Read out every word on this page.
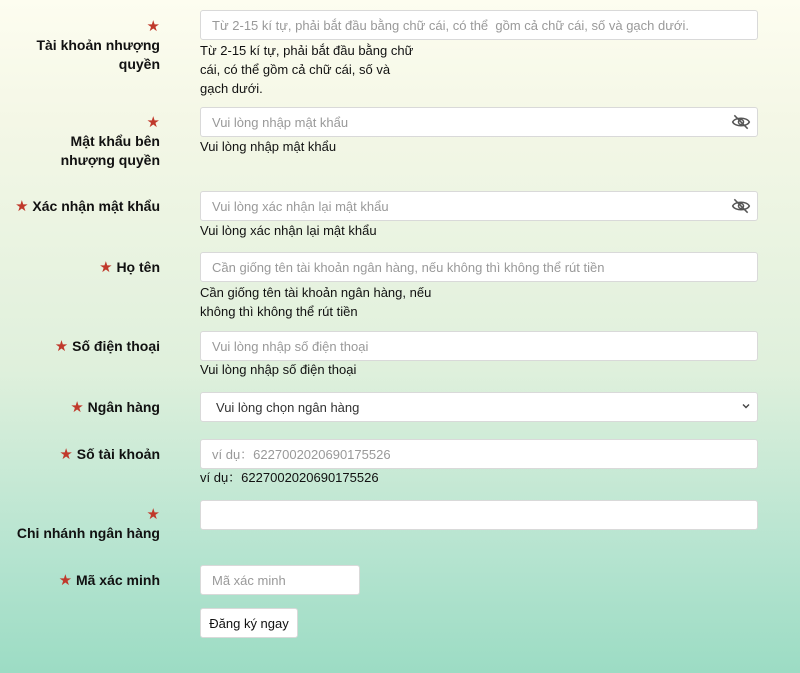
★
Tài khoản nhượng quyền
Từ 2-15 kí tự, phải bắt đầu bằng chữ cái, có thể gồm cả chữ cái, số và gạch dưới.
Từ 2-15 kí tự, phải bắt đầu bằng chữ cái, có thể gồm cả chữ cái, số và gạch dưới.
★
Mật khẩu bên nhượng quyền
Vui lòng nhập mật khẩu
★ Xác nhận mật khẩu
Vui lòng xác nhận lại mật khẩu
★ Họ tên
Cần giống tên tài khoản ngân hàng, nếu không thì không thể rút tiền
Cần giống tên tài khoản ngân hàng, nếu không thì không thể rút tiền
★ Số điện thoại
Vui lòng nhập số điện thoại
Vui lòng nhập số điện thoại
★ Ngân hàng	Vui lòng chọn ngân hàng
★ Số tài khoản
ví dụ：6227002020690175526
ví dụ：6227002020690175526
★
Chi nhánh ngân hàng
★ Mã xác minh
Mã xác minh
Đăng ký ngay
